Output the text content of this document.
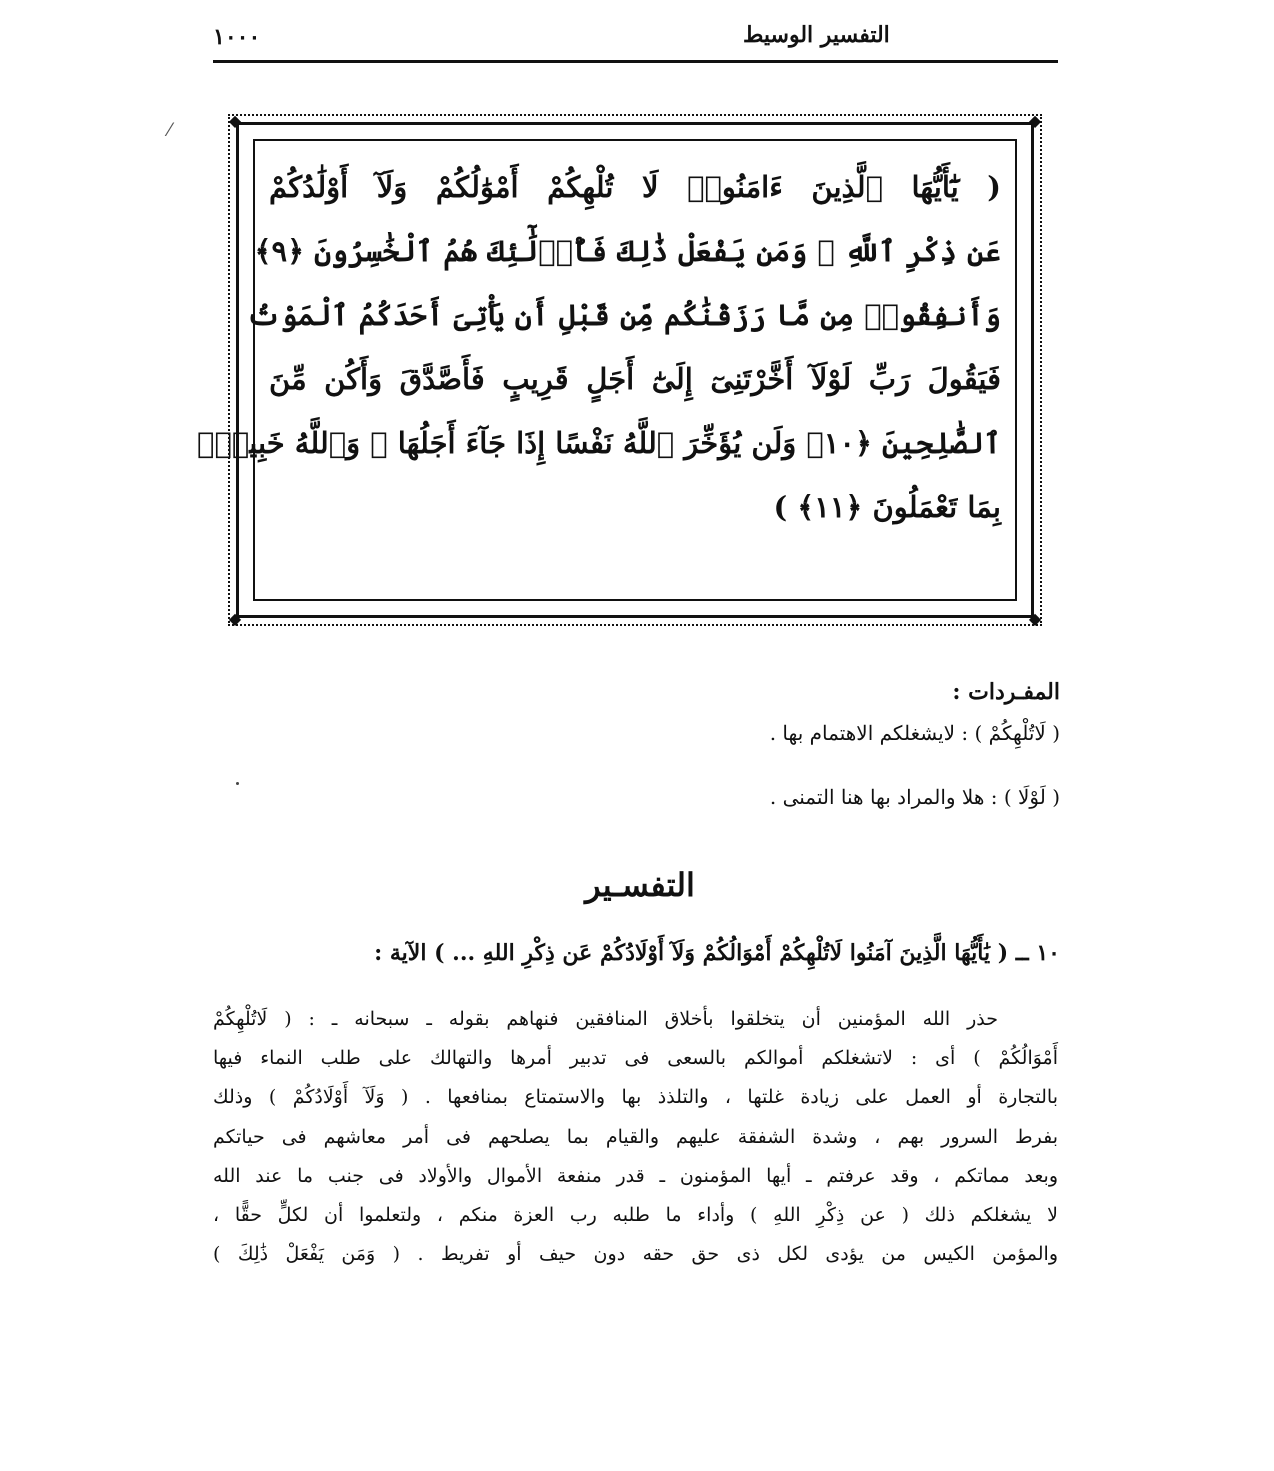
١٠٠٠	التفسير الوسيط
⁄	◆	◆
◆	◆
( يَٰٓأَيُّهَا ٱلَّذِينَ ءَامَنُوا۟ لَا تُلْهِكُمْ أَمْوَٰلُكُمْ وَلَآ أَوْلَٰدُكُمْ
عَن ذِكْرِ ٱللَّهِ ۚ وَمَن يَفْعَلْ ذَٰلِكَ فَأُو۟لَٰٓئِكَ هُمُ ٱلْخَٰسِرُونَ ﴿٩﴾
وَأَنفِقُوا۟ مِن مَّا رَزَقْنَٰكُم مِّن قَبْلِ أَن يَأْتِىَ أَحَدَكُمُ ٱلْمَوْتُ
فَيَقُولَ رَبِّ لَوْلَآ أَخَّرْتَنِىٓ إِلَىٰٓ أَجَلٍ قَرِيبٍ فَأَصَّدَّقَ وَأَكُن مِّنَ
ٱلصَّٰلِحِينَ ﴿١٠﴾ وَلَن يُؤَخِّرَ ٱللَّهُ نَفْسًا إِذَا جَآءَ أَجَلُهَا ۚ وَٱللَّهُ خَبِيرٌۢ
بِمَا تَعْمَلُونَ ﴿١١﴾ )
المفـردات :
( لَاتُلْهِكُمْ ) : لايشغلكم الاهتمام بها .
( لَوْلَا ) : هلا والمراد بها هنا التمنى .
التفسـير
١٠ ــ ( يَٰأَيُّهَا الَّذِينَ آمَنُوا لَاتُلْهِكُمْ أَمْوَالُكُمْ وَلَآ أَوْلَادُكُمْ عَن ذِكْرِ اللهِ ... ) الآية :
حذر الله المؤمنين أن يتخلقوا بأخلاق المنافقين فنهاهم بقوله ـ سبحانه ـ : ( لَاتُلْهِكُمْ
أَمْوَالُكُمْ ) أى : لاتشغلكم أموالكم بالسعى فى تدبير أمرها والتهالك على طلب النماء فيها
بالتجارة أو العمل على زيادة غلتها ، والتلذذ بها والاستمتاع بمنافعها . ( وَلَآ أَوْلَادُكُمْ ) وذلك
بفرط السرور بهم ، وشدة الشفقة عليهم والقيام بما يصلحهم فى أمر معاشهم فى حياتكم
وبعد مماتكم ، وقد عرفتم ـ أيها المؤمنون ـ قدر منفعة الأموال والأولاد فى جنب ما عند الله
لا يشغلكم ذلك ( عن ذِكْرِ اللهِ ) وأداء ما طلبه رب العزة منكم ، ولتعلموا أن لكلٍّ حقًّا ،
والمؤمن الكيس من يؤدى لكل ذى حق حقه دون حيف أو تفريط . ( وَمَن يَفْعَلْ ذَٰلِكَ )
